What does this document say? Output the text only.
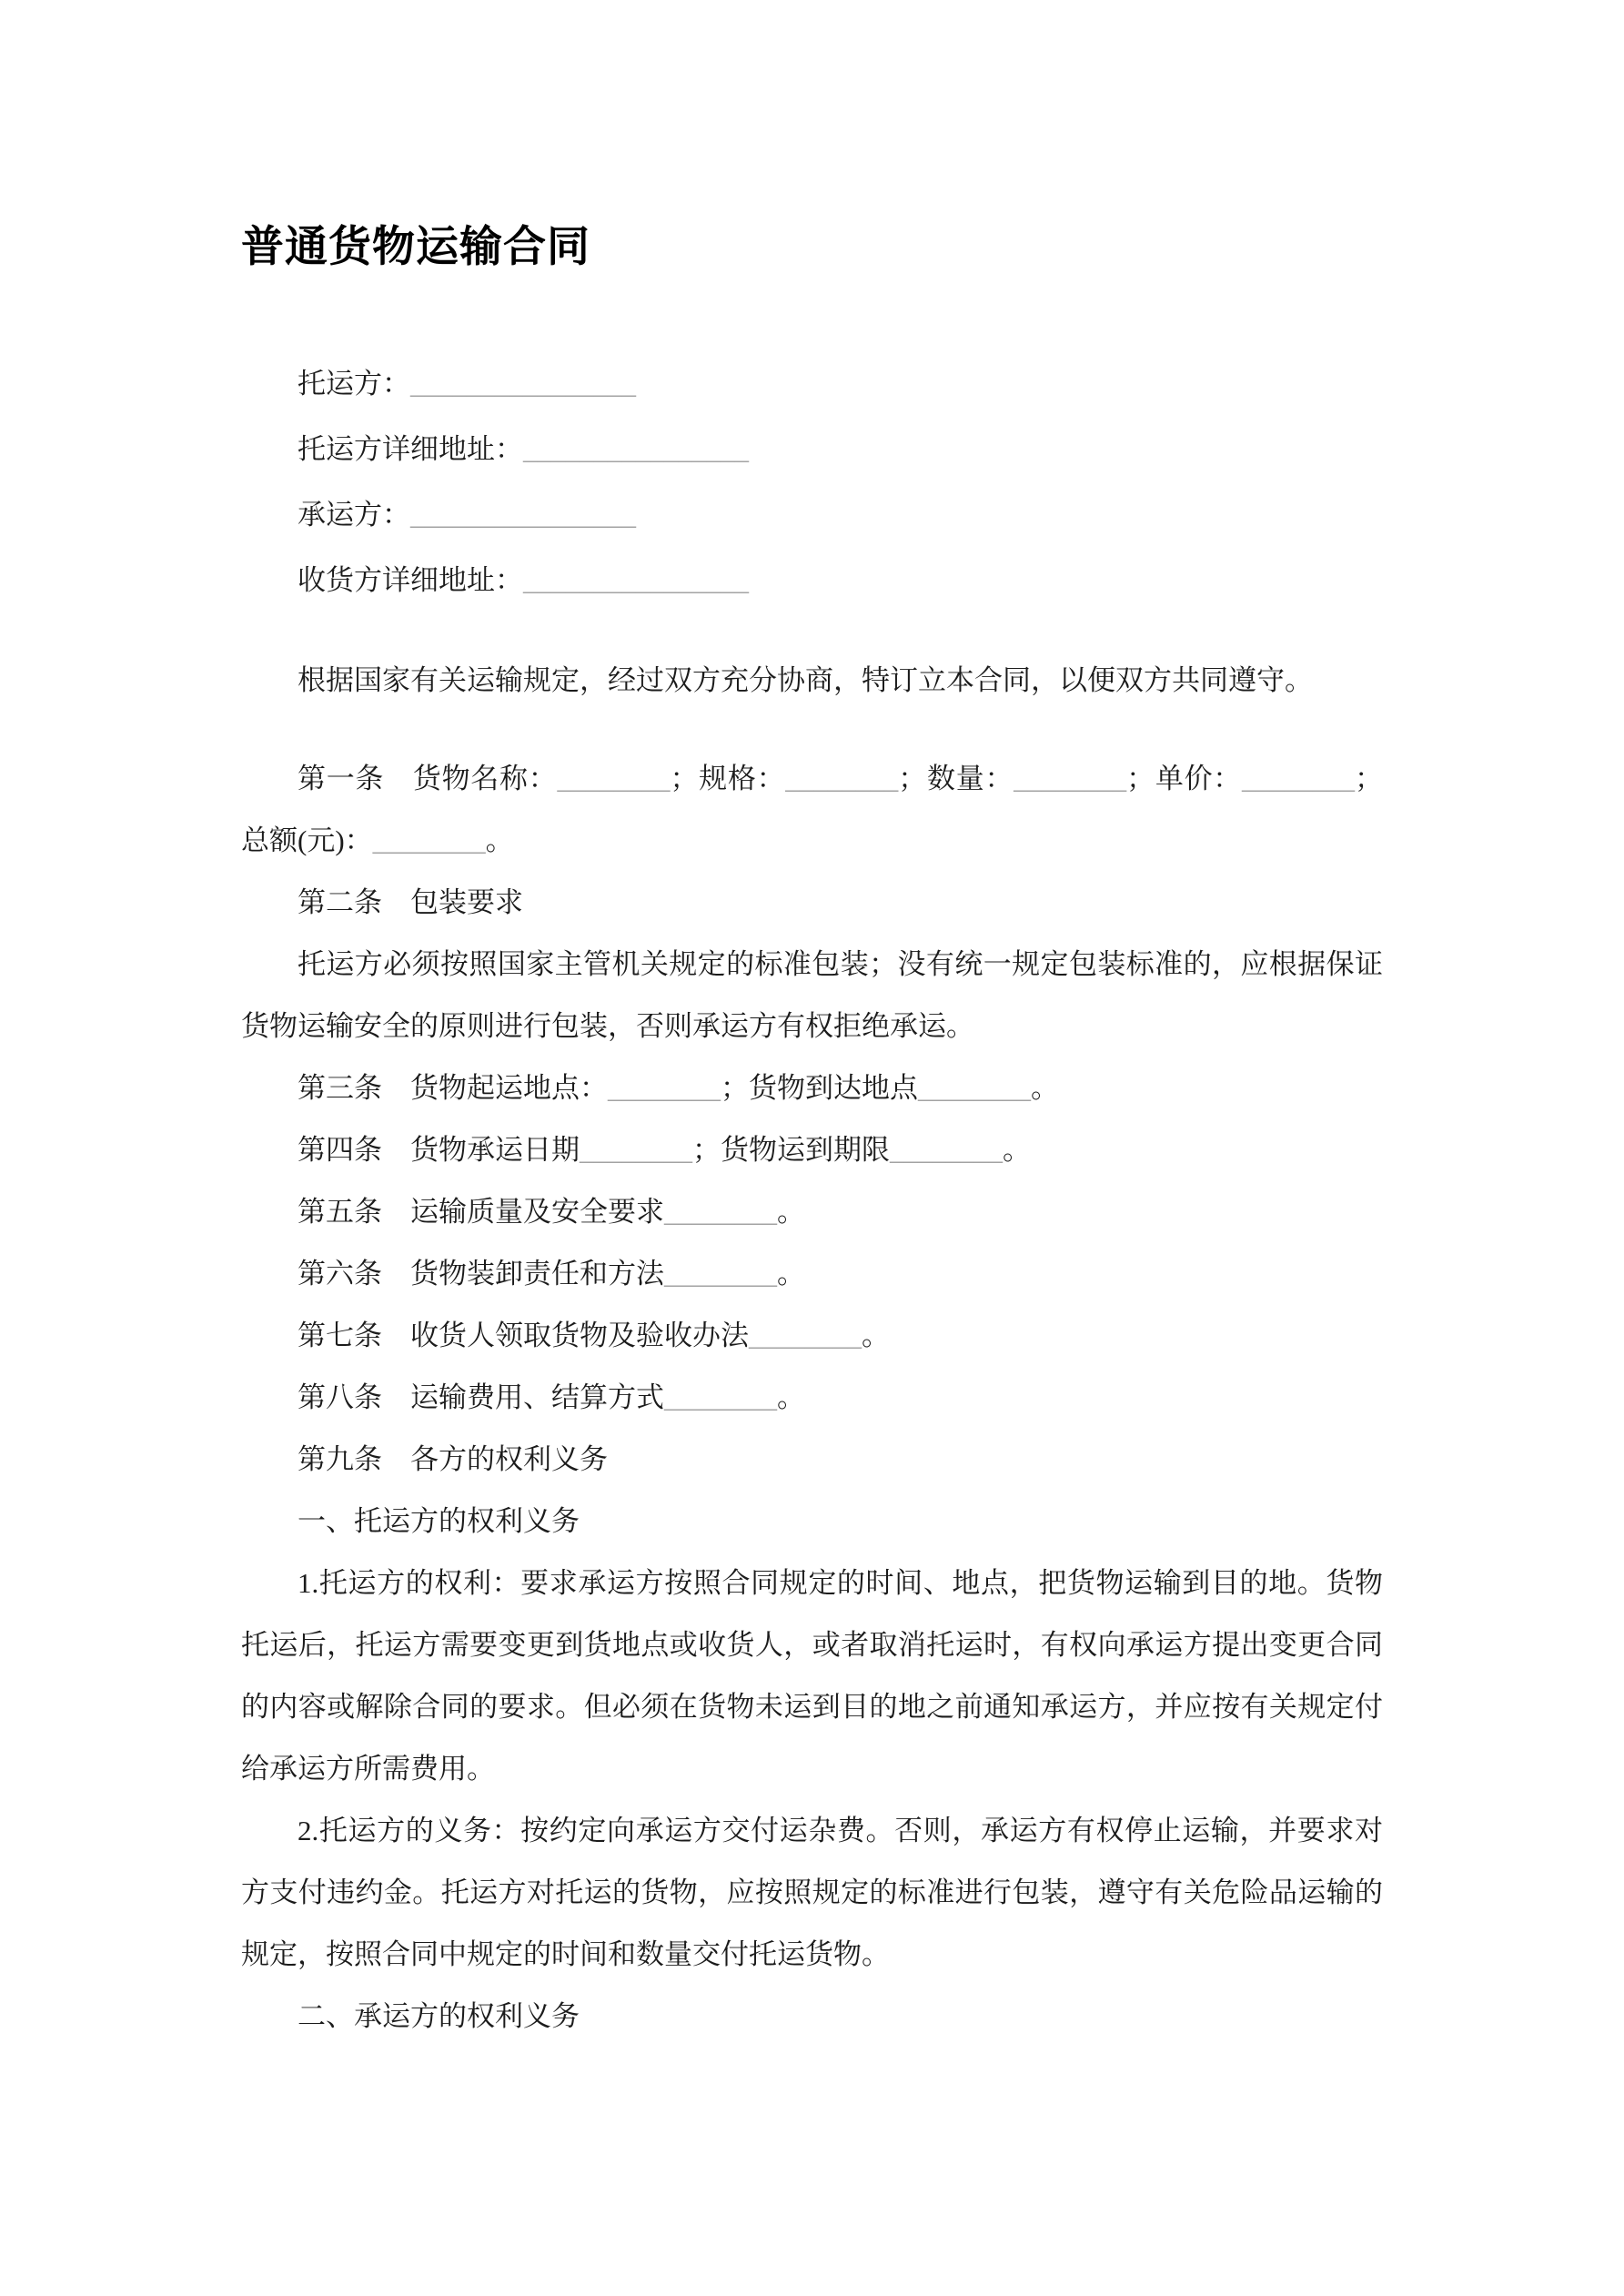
普通货物运输合同

托运方：________________

托运方详细地址：________________

承运方：________________

收货方详细地址：________________

根据国家有关运输规定，经过双方充分协商，特订立本合同，以便双方共同遵守。

第一条　货物名称：________；规格：________；数量：________；单价：________；总额(元)：________。

第二条　包装要求

托运方必须按照国家主管机关规定的标准包装；没有统一规定包装标准的，应根据保证货物运输安全的原则进行包装，否则承运方有权拒绝承运。

第三条　货物起运地点：________；货物到达地点________。

第四条　货物承运日期________；货物运到期限________。

第五条　运输质量及安全要求________。

第六条　货物装卸责任和方法________。

第七条　收货人领取货物及验收办法________。

第八条　运输费用、结算方式________。

第九条　各方的权利义务

一、托运方的权利义务

1.托运方的权利：要求承运方按照合同规定的时间、地点，把货物运输到目的地。货物托运后，托运方需要变更到货地点或收货人，或者取消托运时，有权向承运方提出变更合同的内容或解除合同的要求。但必须在货物未运到目的地之前通知承运方，并应按有关规定付给承运方所需费用。

2.托运方的义务：按约定向承运方交付运杂费。否则，承运方有权停止运输，并要求对方支付违约金。托运方对托运的货物，应按照规定的标准进行包装，遵守有关危险品运输的规定，按照合同中规定的时间和数量交付托运货物。

二、承运方的权利义务
